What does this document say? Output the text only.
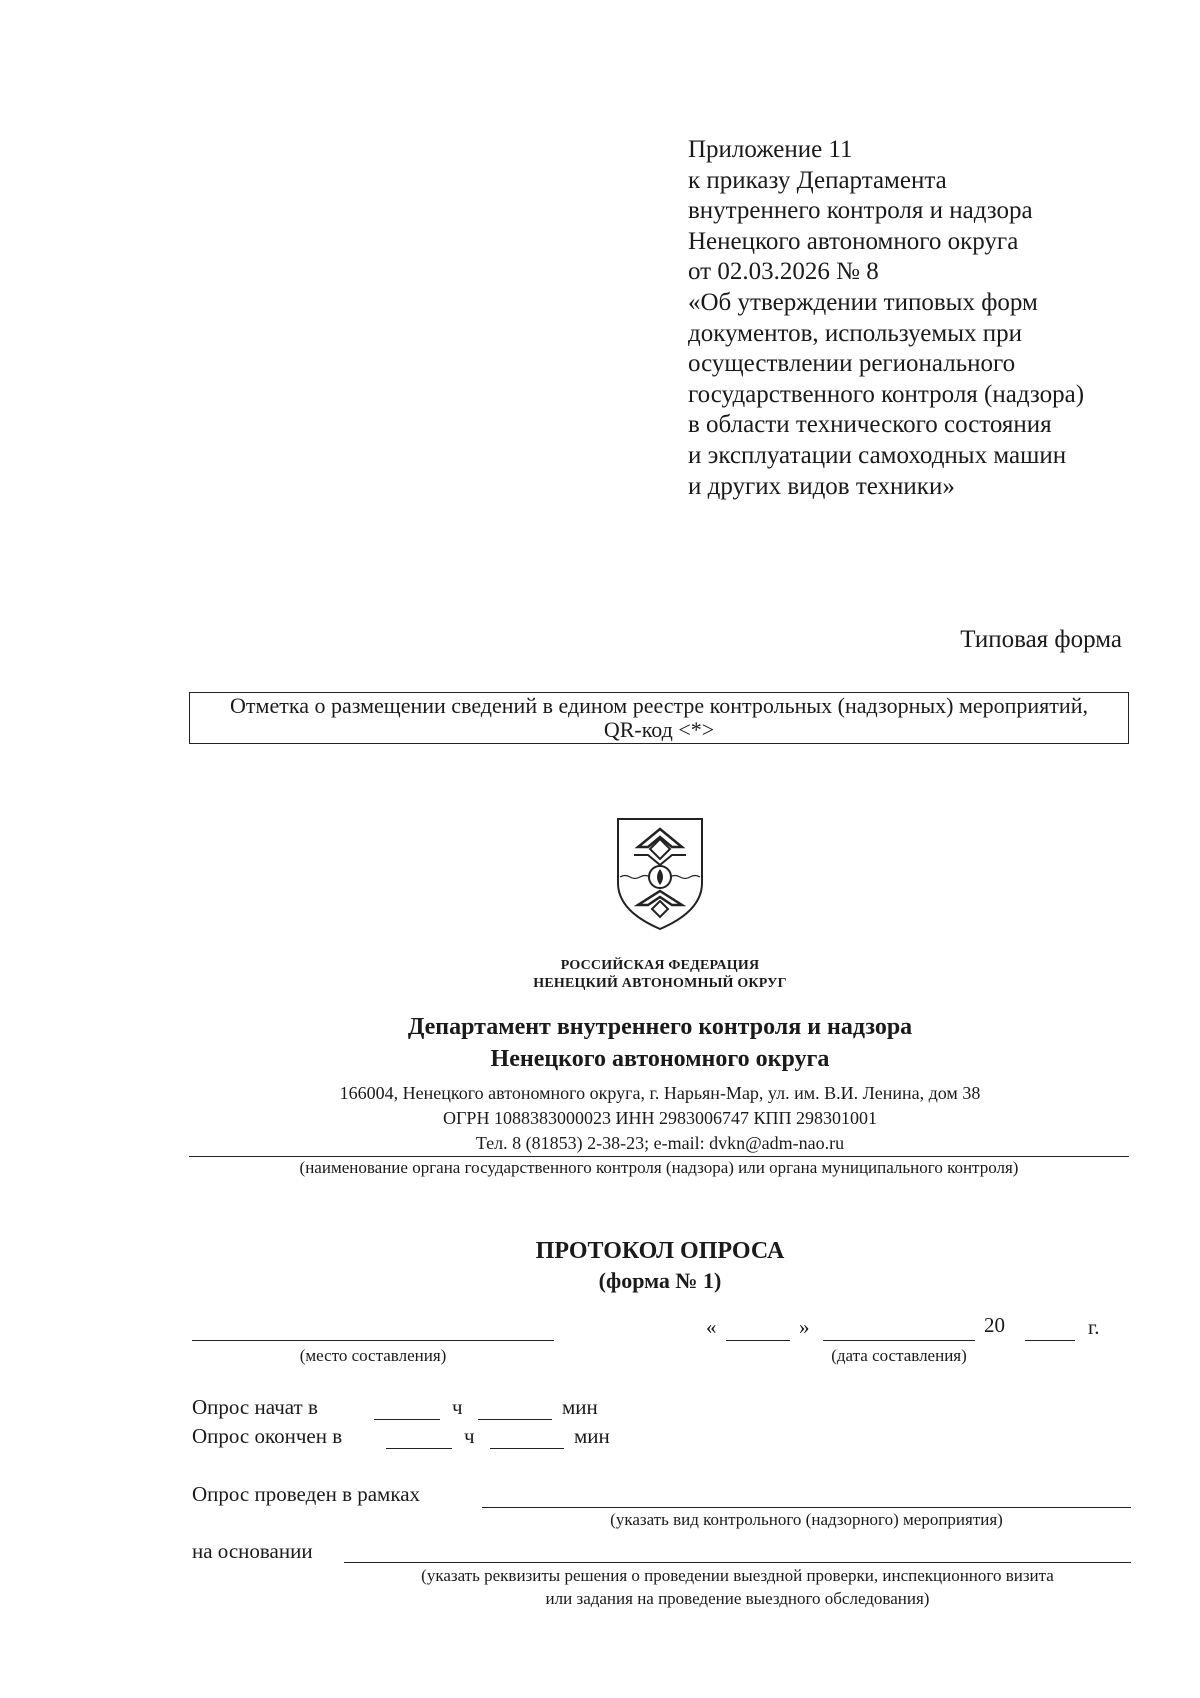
Приложение 11
к приказу Департамента
внутреннего контроля и надзора
Ненецкого автономного округа
от 02.03.2026 № 8
«Об утверждении типовых форм
документов, используемых при
осуществлении регионального
государственного контроля (надзора)
в области технического состояния
и эксплуатации самоходных машин
и других видов техники»
Типовая форма
Отметка о размещении сведений в едином реестре контрольных (надзорных) мероприятий,
QR-код <*>
РОССИЙСКАЯ ФЕДЕРАЦИЯ
НЕНЕЦКИЙ АВТОНОМНЫЙ ОКРУГ
Департамент внутреннего контроля и надзора
Ненецкого автономного округа
166004, Ненецкого автономного округа, г. Нарьян-Мар, ул. им. В.И. Ленина, дом 38
ОГРН 1088383000023 ИНН 2983006747 КПП 298301001
Тел. 8 (81853) 2-38-23; e-mail: dvkn@adm-nao.ru
(наименование органа государственного контроля (надзора) или органа муниципального контроля)
ПРОТОКОЛ ОПРОСА
(форма № 1)
(место составления)
«	»	20	г.
(дата составления)
Опрос начат в	ч	мин
Опрос окончен в	ч	мин
Опрос проведен в рамках
(указать вид контрольного (надзорного) мероприятия)
на основании
(указать реквизиты решения о проведении выездной проверки, инспекционного визита
или задания на проведение выездного обследования)
